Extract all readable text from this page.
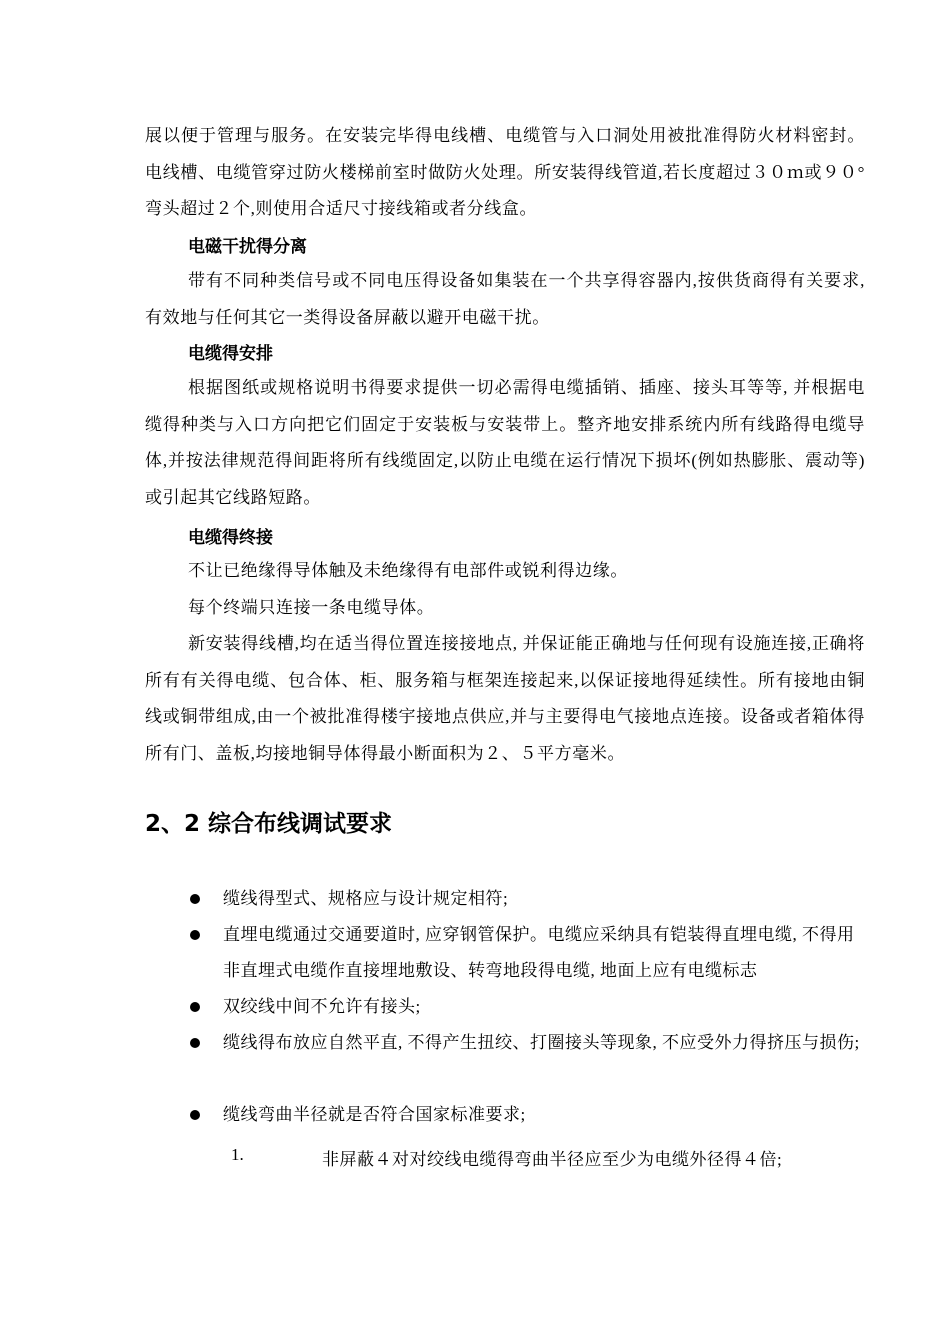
展以便于管理与服务。在安装完毕得电线槽、电缆管与入口洞处用被批准得防火材料密封。电线槽、电缆管穿过防火楼梯前室时做防火处理。所安装得线管道,若长度超过３０ｍ或９０°弯头超过２个,则使用合适尺寸接线箱或者分线盒。

电磁干扰得分离

带有不同种类信号或不同电压得设备如集装在一个共享得容器内,按供货商得有关要求,有效地与任何其它一类得设备屏蔽以避开电磁干扰。

电缆得安排

根据图纸或规格说明书得要求提供一切必需得电缆插销、插座、接头耳等等, 并根据电缆得种类与入口方向把它们固定于安装板与安装带上。整齐地安排系统内所有线路得电缆导体,并按法律规范得间距将所有线缆固定,以防止电缆在运行情况下损坏(例如热膨胀、震动等)或引起其它线路短路。

电缆得终接

不让已绝缘得导体触及未绝缘得有电部件或锐利得边缘。

每个终端只连接一条电缆导体。

新安装得线槽,均在适当得位置连接接地点, 并保证能正确地与任何现有设施连接,正确将所有有关得电缆、包合体、柜、服务箱与框架连接起来,以保证接地得延续性。所有接地由铜线或铜带组成,由一个被批准得楼宇接地点供应,并与主要得电气接地点连接。设备或者箱体得所有门、盖板,均接地铜导体得最小断面积为２、５平方毫米。

2、2 综合布线调试要求
缆线得型式、规格应与设计规定相符;
直埋电缆通过交通要道时, 应穿钢管保护。电缆应采纳具有铠装得直埋电缆, 不得用非直埋式电缆作直接埋地敷设、转弯地段得电缆, 地面上应有电缆标志
双绞线中间不允许有接头;
缆线得布放应自然平直, 不得产生扭绞、打圈接头等现象, 不应受外力得挤压与损伤;
缆线弯曲半径就是否符合国家标准要求;
1.	非屏蔽４对对绞线电缆得弯曲半径应至少为电缆外径得４倍;
